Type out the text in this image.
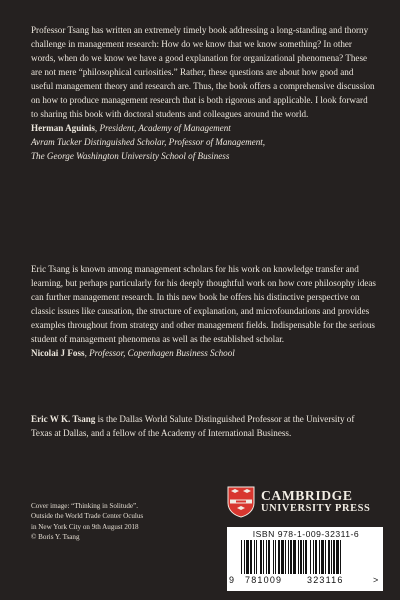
Professor Tsang has written an extremely timely book addressing a long-standing and thorny challenge in management research: How do we know that we know something? In other words, when do we know we have a good explanation for organizational phenomena? These are not mere “philosophical curiosities.” Rather, these questions are about how good and useful management theory and research are. Thus, the book offers a comprehensive discussion on how to produce management research that is both rigorous and applicable. I look forward to sharing this book with doctoral students and colleagues around the world.

Herman Aguinis, President, Academy of Management

Avram Tucker Distinguished Scholar, Professor of Management,

The George Washington University School of Business

Eric Tsang is known among management scholars for his work on knowledge transfer and learning, but perhaps particularly for his deeply thoughtful work on how core philosophy ideas can further management research. In this new book he offers his distinctive perspective on classic issues like causation, the structure of explanation, and microfoundations and provides examples throughout from strategy and other management fields. Indispensable for the serious student of management phenomena as well as the established scholar.

Nicolai J Foss, Professor, Copenhagen Business School

Eric W K. Tsang is the Dallas World Salute Distinguished Professor at the University of Texas at Dallas, and a fellow of the Academy of International Business.

Cover image: “Thinking in Solitude”.
Outside the World Trade Center Oculus
in New York City on 9th August 2018
© Boris Y. Tsang
CAMBRIDGE
UNIVERSITY PRESS
ISBN 978-1-009-32311-6
9 781009	323116	>
